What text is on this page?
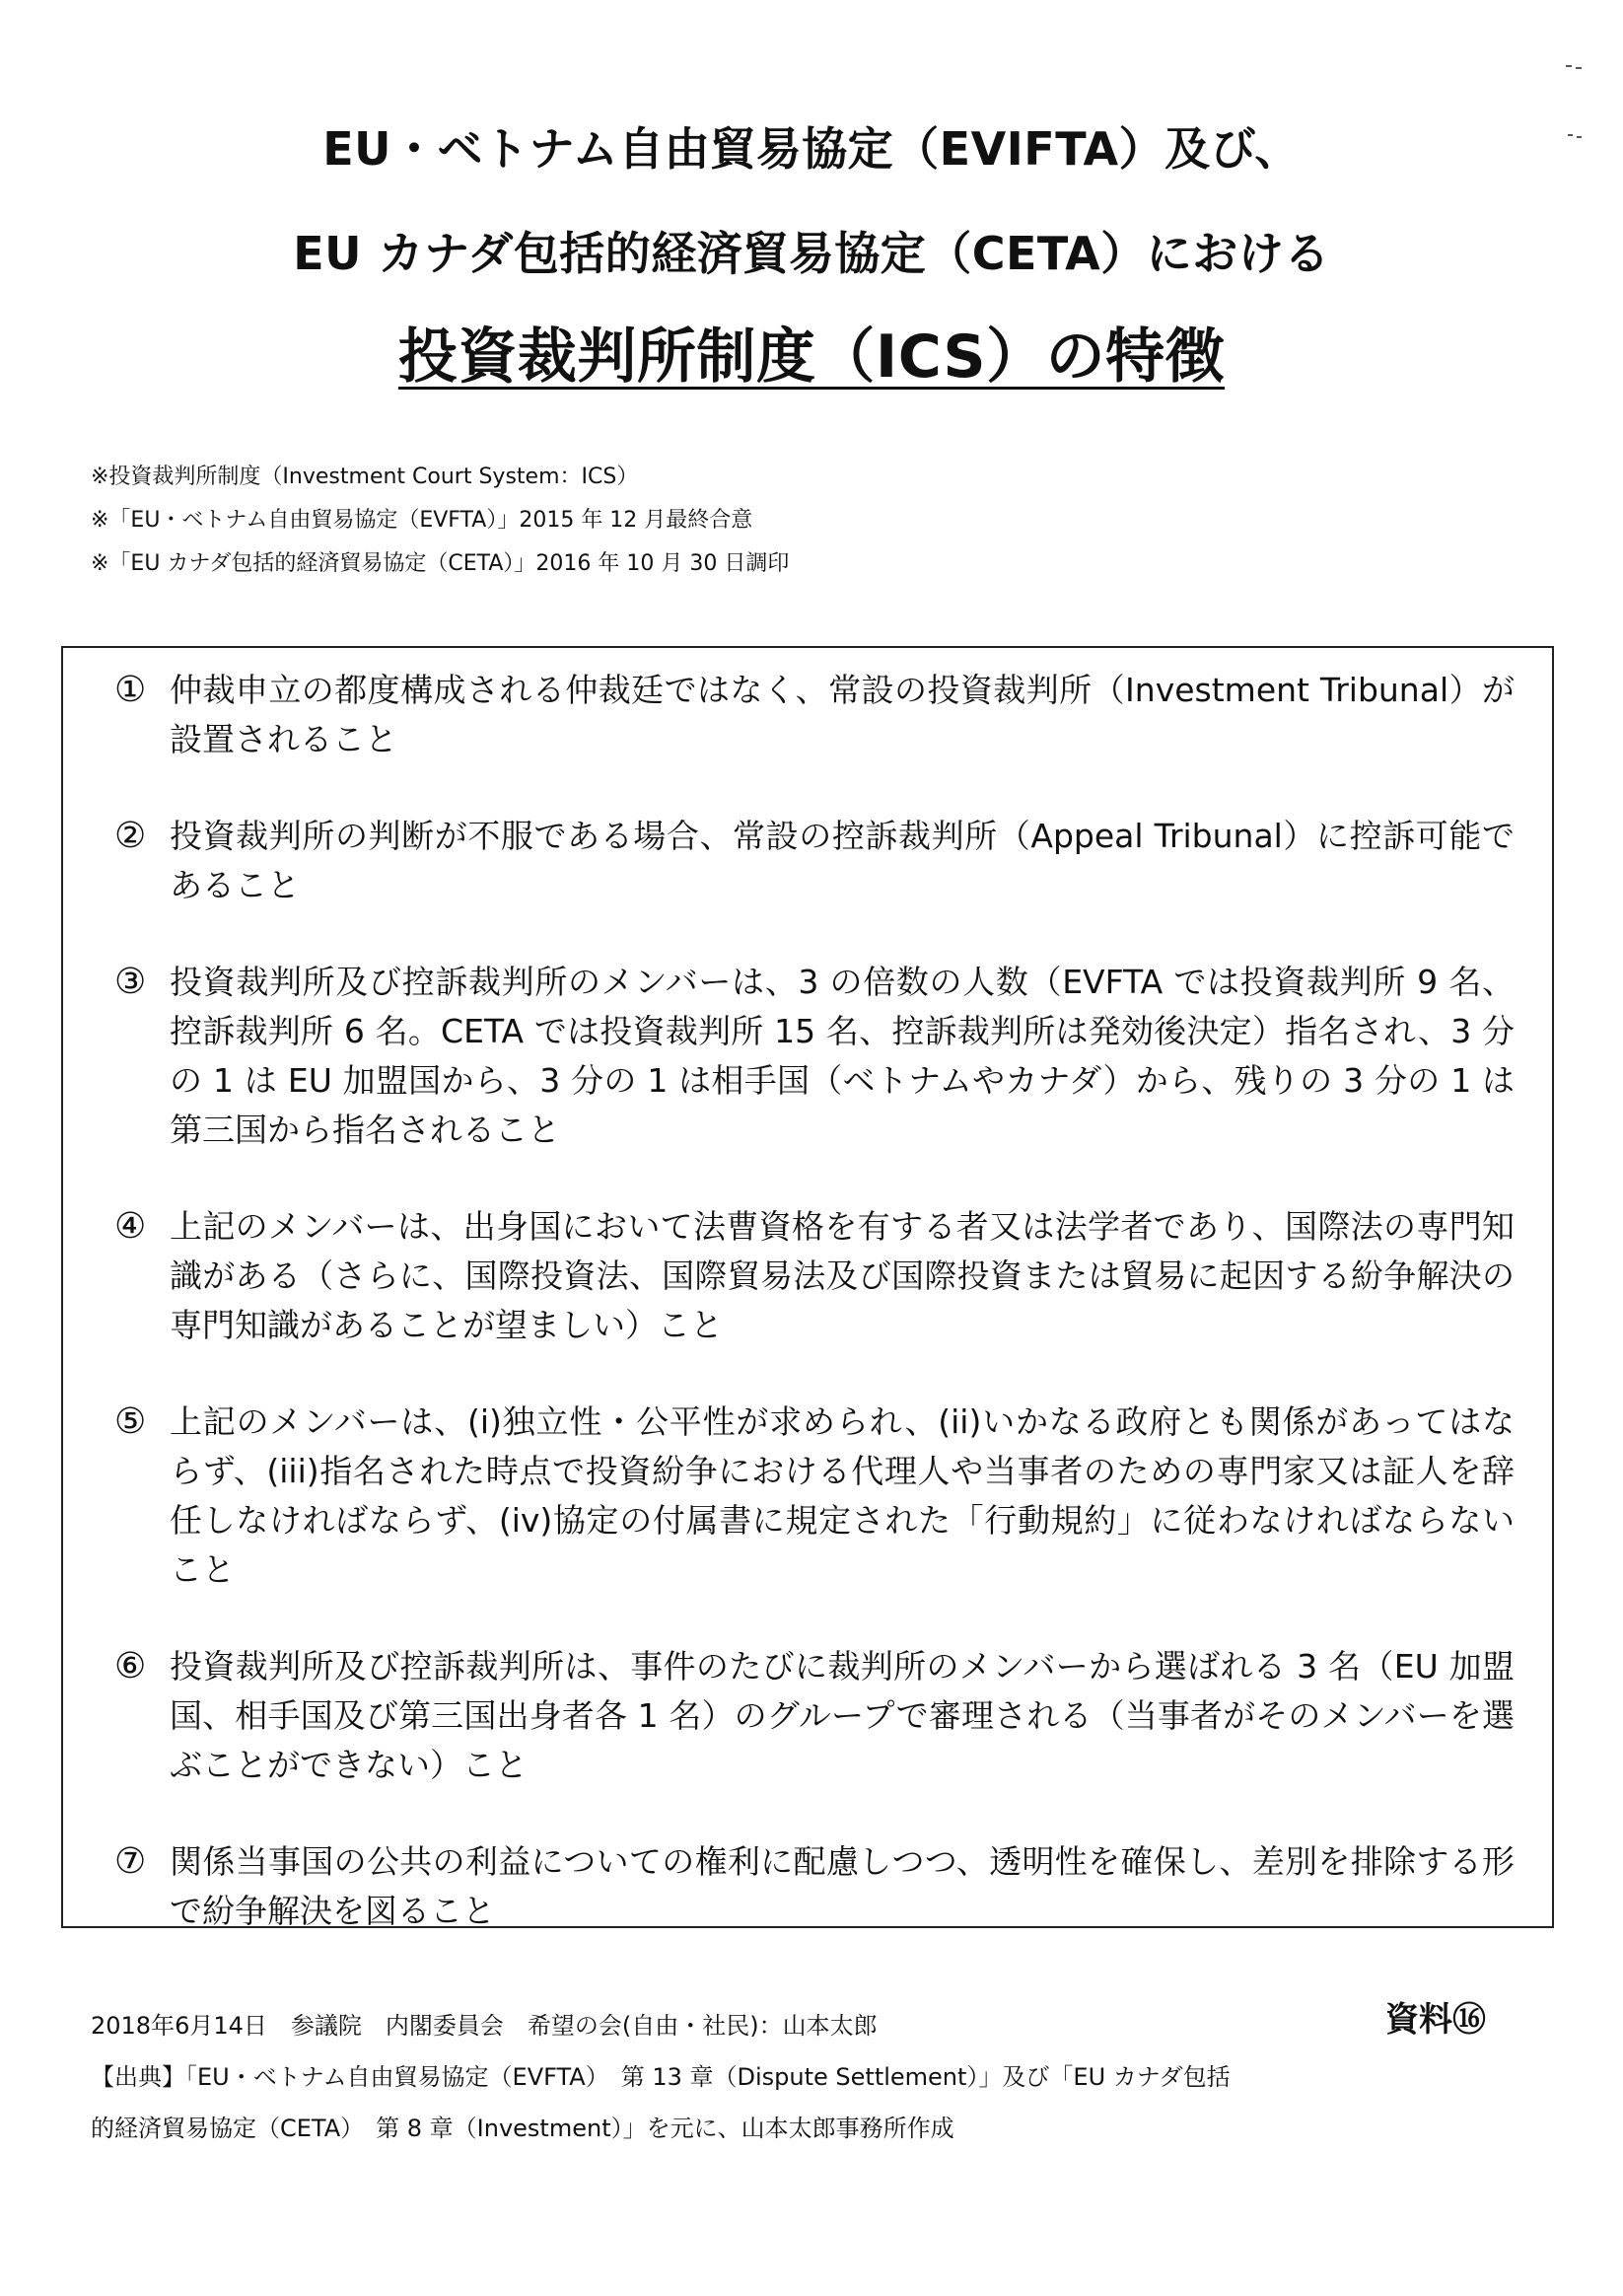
EU・ベトナム自由貿易協定（EVIFTA）及び、

EU カナダ包括的経済貿易協定（CETA）における

投資裁判所制度（ICS）の特徴

※投資裁判所制度（Investment Court System：ICS）

※「EU・ベトナム自由貿易協定（EVFTA）」2015 年 12 月最終合意

※「EU カナダ包括的経済貿易協定（CETA）」2016 年 10 月 30 日調印

① 仲裁申立の都度構成される仲裁廷ではなく、常設の投資裁判所（Investment Tribunal）が設置されること
② 投資裁判所の判断が不服である場合、常設の控訴裁判所（Appeal Tribunal）に控訴可能であること
③ 投資裁判所及び控訴裁判所のメンバーは、3 の倍数の人数（EVFTA では投資裁判所 9 名、控訴裁判所 6 名。CETA では投資裁判所 15 名、控訴裁判所は発効後決定）指名され、3 分の 1 は EU 加盟国から、3 分の 1 は相手国（ベトナムやカナダ）から、残りの 3 分の 1 は第三国から指名されること
④ 上記のメンバーは、出身国において法曹資格を有する者又は法学者であり、国際法の専門知識がある（さらに、国際投資法、国際貿易法及び国際投資または貿易に起因する紛争解決の専門知識があることが望ましい）こと
⑤ 上記のメンバーは、(i)独立性・公平性が求められ、(ii)いかなる政府とも関係があってはならず、(iii)指名された時点で投資紛争における代理人や当事者のための専門家又は証人を辞任しなければならず、(iv)協定の付属書に規定された「行動規約」に従わなければならないこと
⑥ 投資裁判所及び控訴裁判所は、事件のたびに裁判所のメンバーから選ばれる 3 名（EU 加盟国、相手国及び第三国出身者各 1 名）のグループで審理される（当事者がそのメンバーを選ぶことができない）こと
⑦ 関係当事国の公共の利益についての権利に配慮しつつ、透明性を確保し、差別を排除する形で紛争解決を図ること

2018年6月14日　参議院　内閣委員会　希望の会(自由・社民)：山本太郎

【出典】「EU・ベトナム自由貿易協定（EVFTA）　第 13 章（Dispute Settlement）」及び「EU カナダ包括

的経済貿易協定（CETA）　第 8 章（Investment）」を元に、山本太郎事務所作成

資料⑯
